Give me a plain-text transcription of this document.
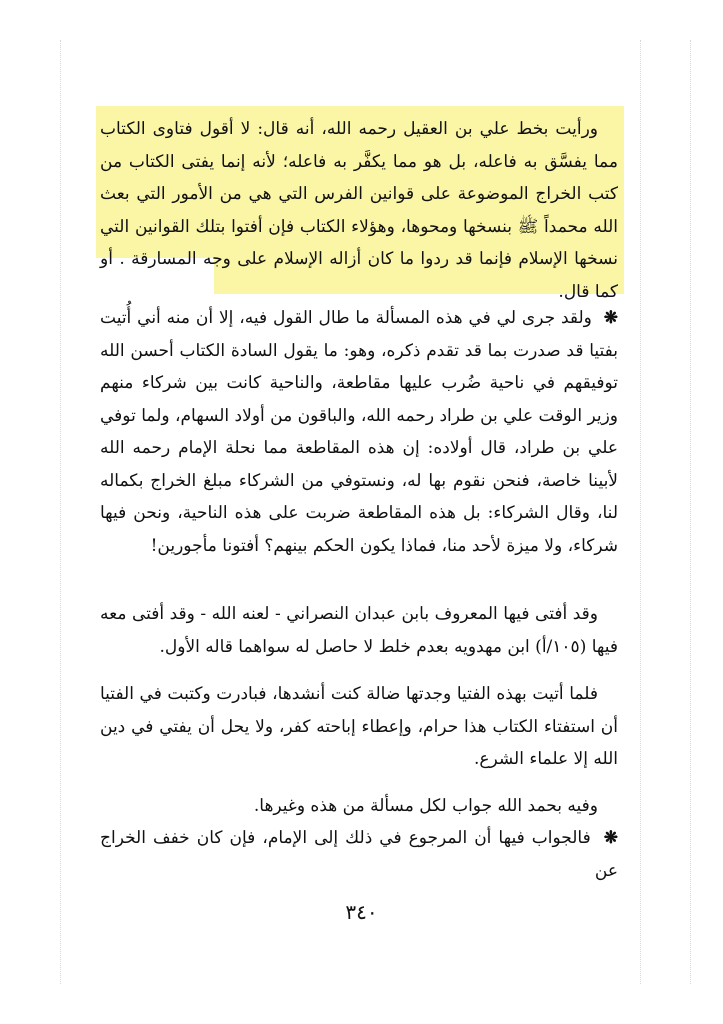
ورأيت بخط علي بن العقيل رحمه الله، أنه قال: لا أقول فتاوى الكتاب مما يفسَّق به فاعله، بل هو مما يكفَّر به فاعله؛ لأنه إنما يفتى الكتاب من كتب الخراج الموضوعة على قوانين الفرس التي هي من الأمور التي بعث الله محمداً ﷺ بنسخها ومحوها، وهؤلاء الكتاب فإن أفتوا بتلك القوانين التي نسخها الإسلام فإنما قد ردوا ما كان أزاله الإسلام على وجه المسارقة . أو كما قال.
❋ ولقد جرى لي في هذه المسألة ما طال القول فيه، إلا أن منه أني أُتيت بفتيا قد صدرت بما قد تقدم ذكره، وهو: ما يقول السادة الكتاب أحسن الله توفيقهم في ناحية ضُرب عليها مقاطعة، والناحية كانت بين شركاء منهم وزير الوقت علي بن طراد رحمه الله، والباقون من أولاد السهام، ولما توفي علي بن طراد، قال أولاده: إن هذه المقاطعة مما نحلة الإمام رحمه الله لأبينا خاصة، فنحن نقوم بها له، ونستوفي من الشركاء مبلغ الخراج بكماله لنا، وقال الشركاء: بل هذه المقاطعة ضربت على هذه الناحية، ونحن فيها شركاء، ولا ميزة لأحد منا، فماذا يكون الحكم بينهم؟ أفتونا مأجورين!
وقد أفتى فيها المعروف بابن عبدان النصراني - لعنه الله - وقد أفتى معه فيها (١٠٥/أ) ابن مهدويه بعدم خلط لا حاصل له سواهما قاله الأول.
فلما أتيت بهذه الفتيا وجدتها ضالة كنت أنشدها، فبادرت وكتبت في الفتيا أن استفتاء الكتاب هذا حرام، وإعطاء إباحته كفر، ولا يحل أن يفتي في دين الله إلا علماء الشرع.
وفيه بحمد الله جواب لكل مسألة من هذه وغيرها.
❋ فالجواب فيها أن المرجوع في ذلك إلى الإمام، فإن كان خفف الخراج عن
٣٤٠
